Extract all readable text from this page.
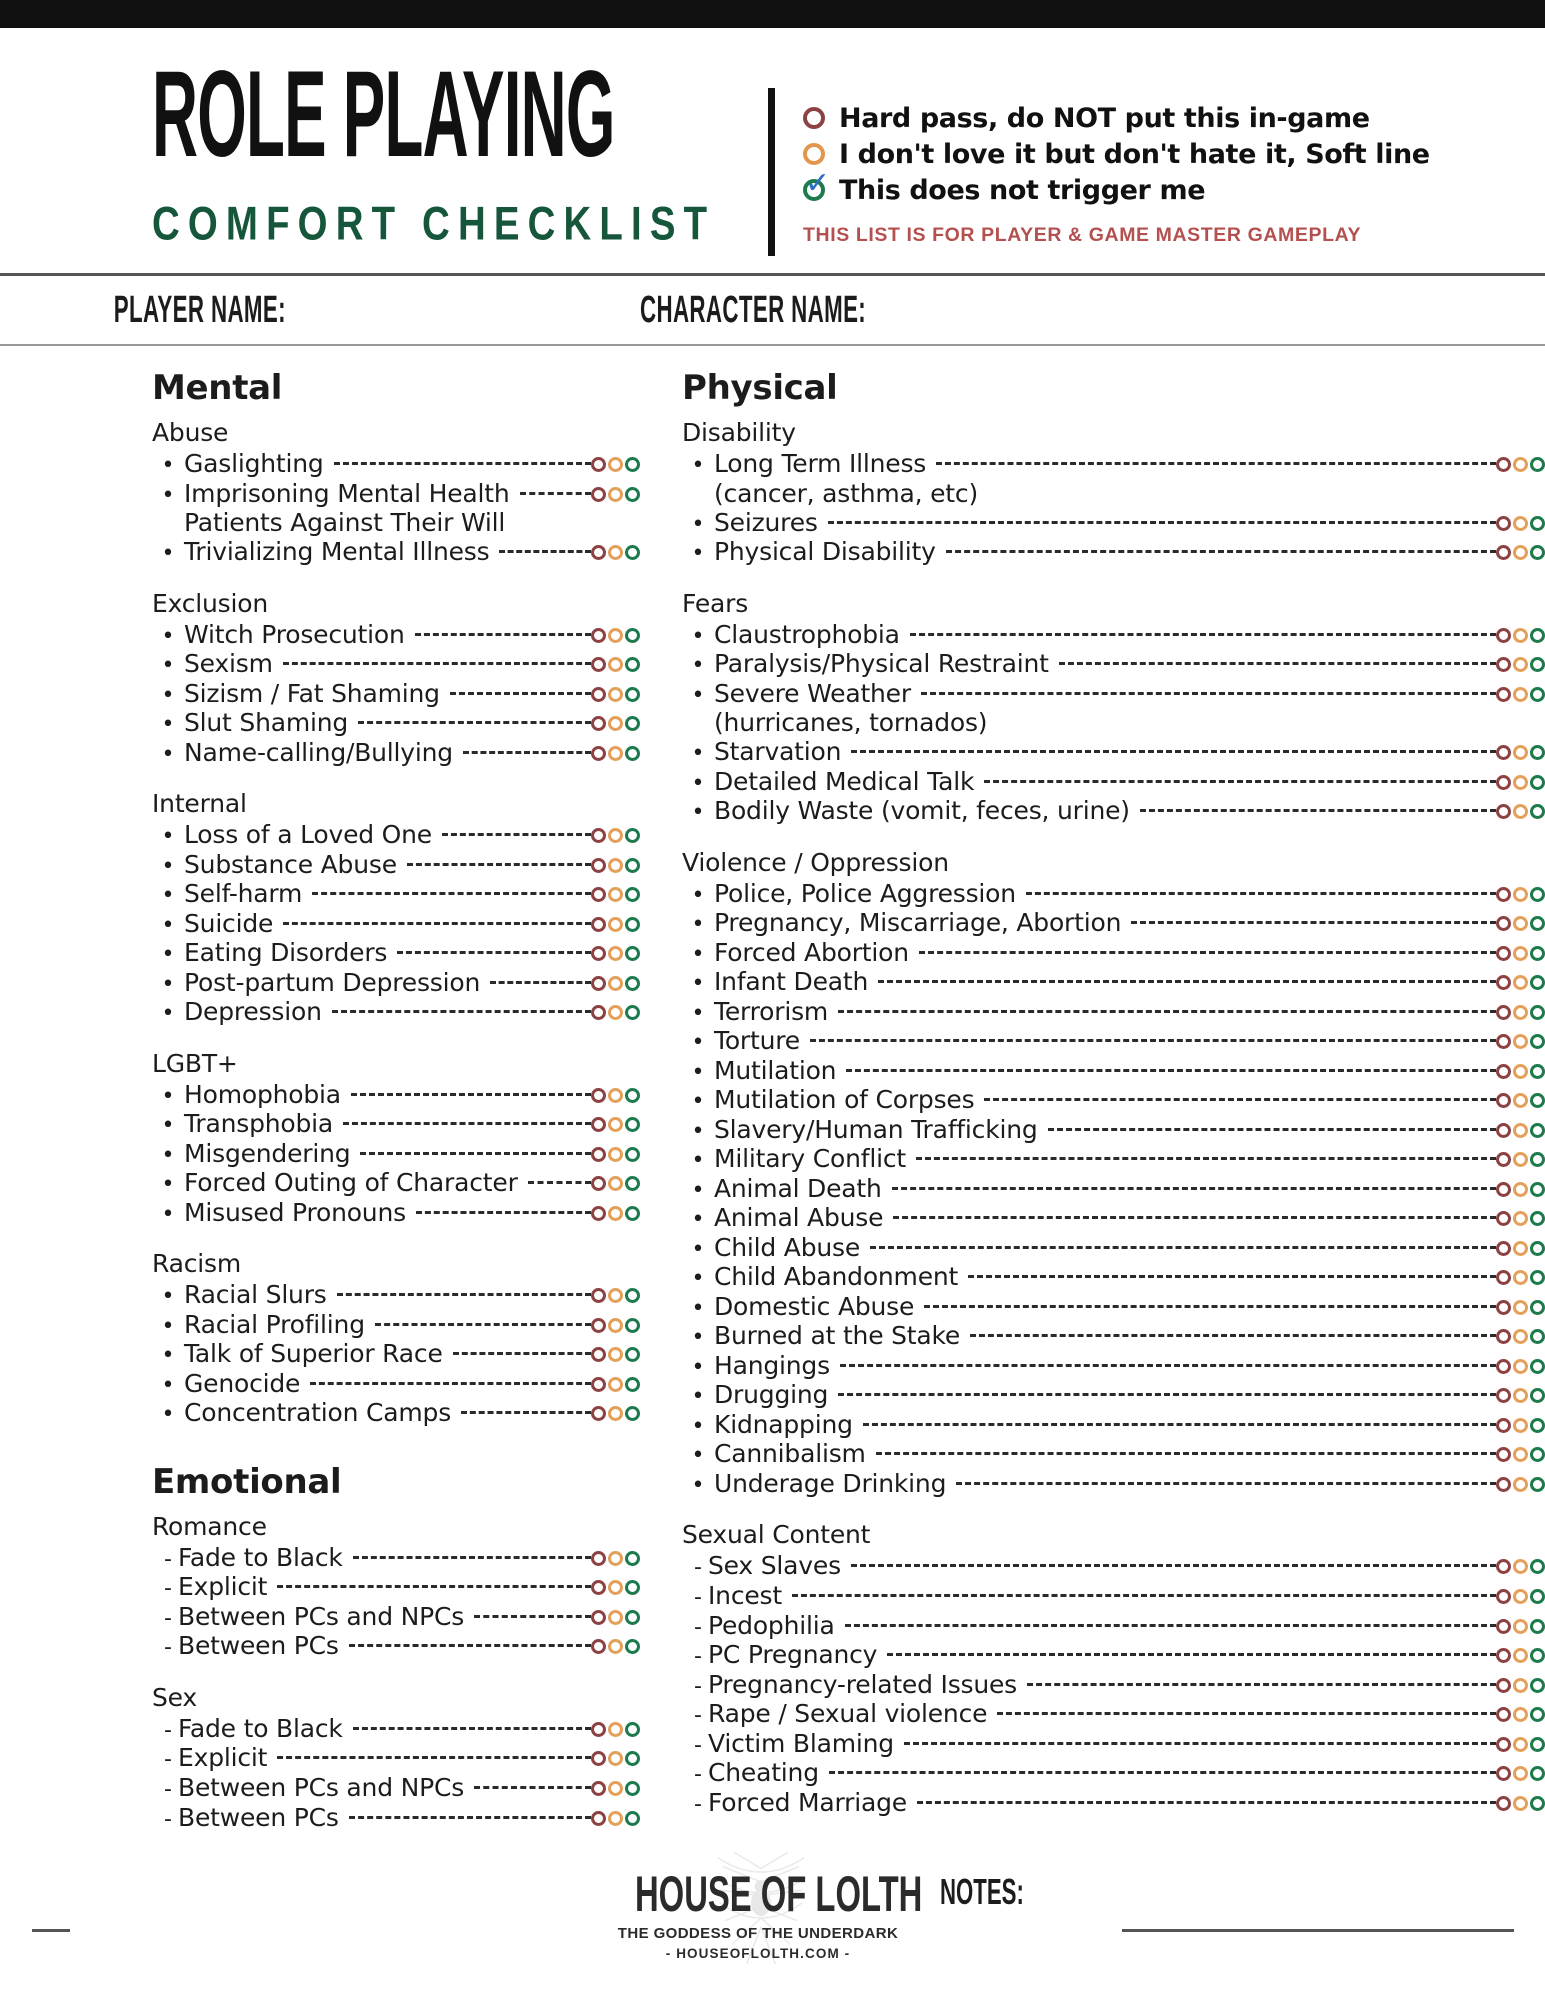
ROLE PLAYING
COMFORT CHECKLIST
Hard pass, do NOT put this in-game
I don't love it but don't hate it, Soft line
✓ This does not trigger me
THIS LIST IS FOR PLAYER & GAME MASTER GAMEPLAY
PLAYER NAME:	CHARACTER NAME:
Mental
Abuse
• Gaslighting
• Imprisoning Mental Health
Patients Against Their Will
• Trivializing Mental Illness
Exclusion
• Witch Prosecution
• Sexism
• Sizism / Fat Shaming
• Slut Shaming
• Name-calling/Bullying
Internal
• Loss of a Loved One
• Substance Abuse
• Self-harm
• Suicide
• Eating Disorders
• Post-partum Depression
• Depression
LGBT+
• Homophobia
• Transphobia
• Misgendering
• Forced Outing of Character
• Misused Pronouns
Racism
• Racial Slurs
• Racial Profiling
• Talk of Superior Race
• Genocide
• Concentration Camps
Emotional
Romance
- Fade to Black
- Explicit
- Between PCs and NPCs
- Between PCs
Sex
- Fade to Black
- Explicit
- Between PCs and NPCs
- Between PCs
Physical
Disability
• Long Term Illness
(cancer, asthma, etc)
• Seizures
• Physical Disability
Fears
• Claustrophobia
• Paralysis/Physical Restraint
• Severe Weather
(hurricanes, tornados)
• Starvation
• Detailed Medical Talk
• Bodily Waste (vomit, feces, urine)
Violence / Oppression
• Police, Police Aggression
• Pregnancy, Miscarriage, Abortion
• Forced Abortion
• Infant Death
• Terrorism
• Torture
• Mutilation
• Mutilation of Corpses
• Slavery/Human Trafficking
• Military Conflict
• Animal Death
• Animal Abuse
• Child Abuse
• Child Abandonment
• Domestic Abuse
• Burned at the Stake
• Hangings
• Drugging
• Kidnapping
• Cannibalism
• Underage Drinking
Sexual Content
- Sex Slaves
- Incest
- Pedophilia
- PC Pregnancy
- Pregnancy-related Issues
- Rape / Sexual violence
- Victim Blaming
- Cheating
- Forced Marriage
HOUSE OF LOLTH
THE GODDESS OF THE UNDERDARK
- HOUSEOFLOLTH.COM -
NOTES:
